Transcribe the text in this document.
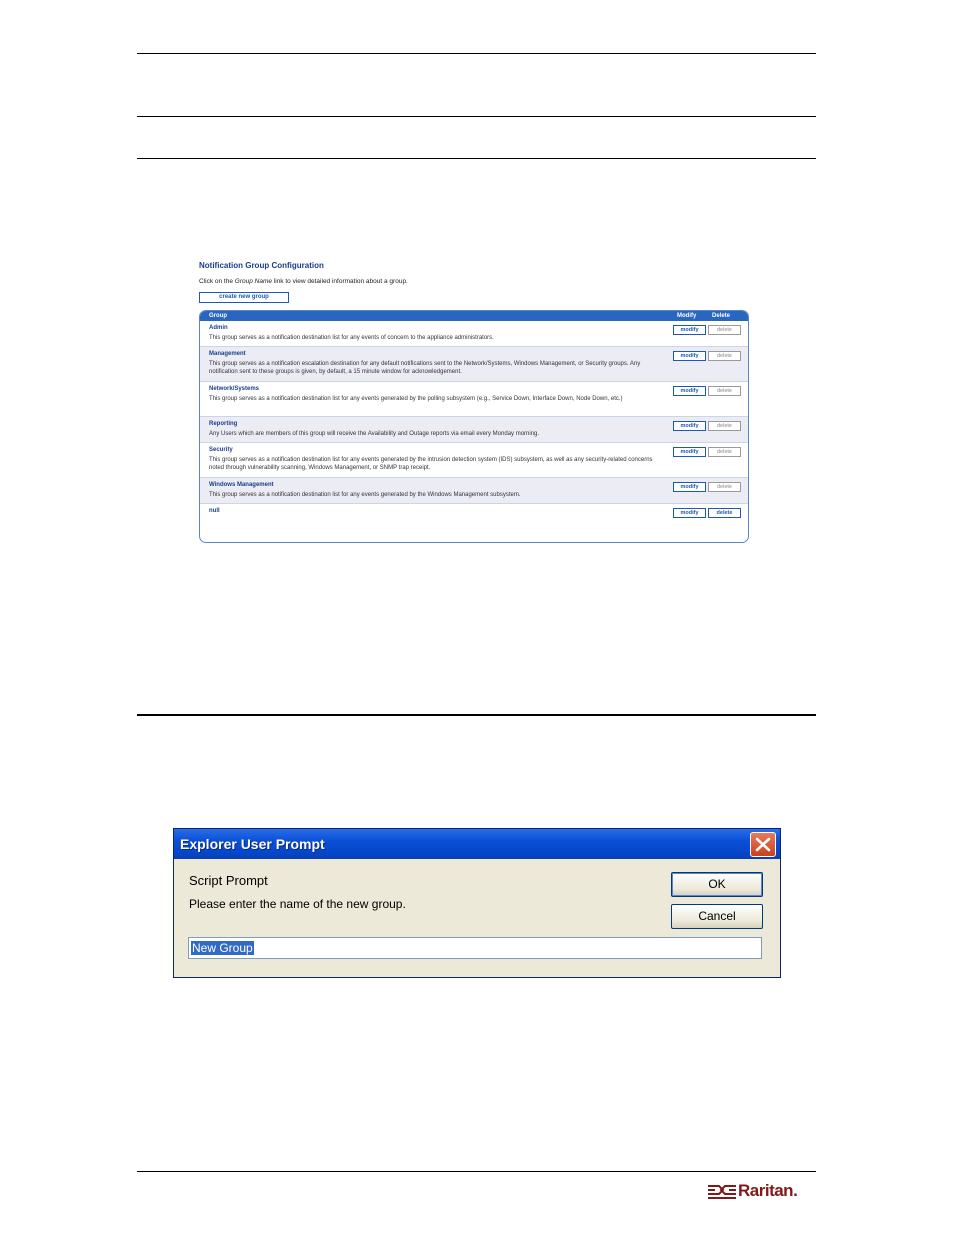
Notification Group Configuration
Click on the Group Name link to view detailed information about a group.
create new group
Group	Modify	Delete
Admin
This group serves as a notification destination list for any events of concern to the appliance administrators.
modify	delete
Management
This group serves as a notification escalation destination for any default notifications sent to the Network/Systems, Windows Management, or Security groups. Any notification sent to these groups is given, by default, a 15 minute window for acknowledgement.
modify	delete
Network/Systems
This group serves as a notification destination list for any events generated by the polling subsystem (e.g., Service Down, Interface Down, Node Down, etc.)
modify	delete
Reporting
Any Users which are members of this group will receive the Availability and Outage reports via email every Monday morning.
modify	delete
Security
This group serves as a notification destination list for any events generated by the intrusion detection system (IDS) subsystem, as well as any security-related concerns noted through vulnerability scanning, Windows Management, or SNMP trap receipt.
modify	delete
Windows Management
This group serves as a notification destination list for any events generated by the Windows Management subsystem.
modify	delete
null	modify	delete
Explorer User Prompt
Script Prompt
Please enter the name of the new group.
OK
Cancel
New Group
Raritan.
